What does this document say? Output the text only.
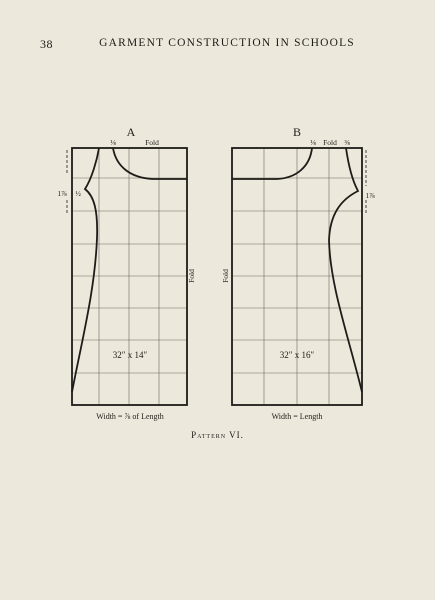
38	GARMENT CONSTRUCTION IN SCHOOLS
A
⅛	Fold
1⅞ ½
Fold
32″ x 14″
Width = ⅞ of Length
B
⅛ Fold ⅜
1⅞
Fold
32″ x 16″
Width = Length
Pattern VI.
